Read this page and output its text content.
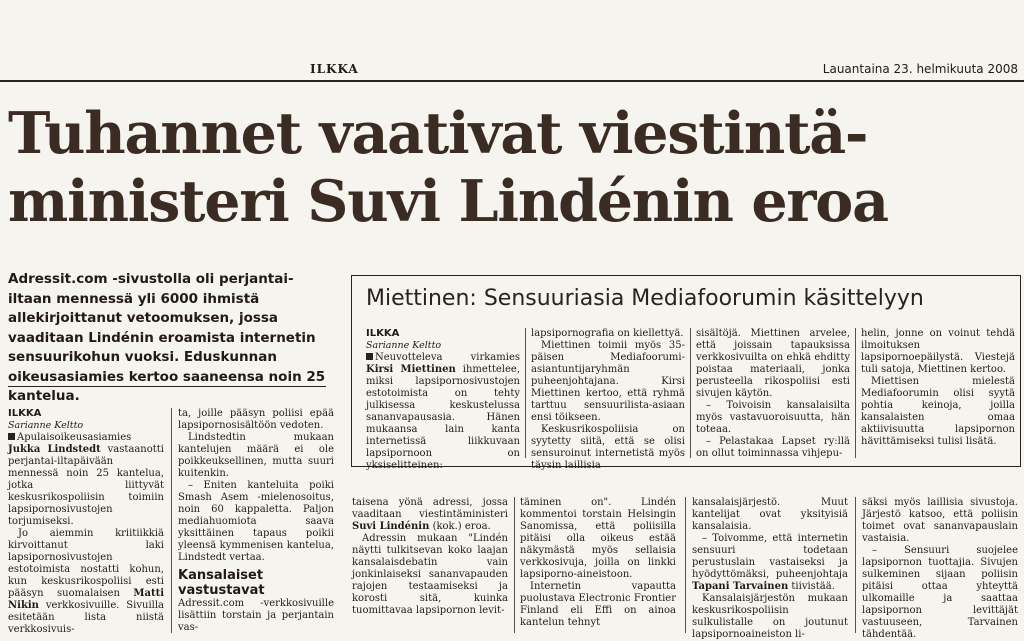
ILKKA	Lauantaina 23. helmikuuta 2008
Tuhannet vaativat viestintä-
ministeri Suvi Lindénin eroa
Adressit.com -sivustolla oli perjantai-iltaan mennessä yli 6000 ihmistä allekirjoittanut vetoomuksen, jossa vaaditaan Lindénin eroamista internetin sensuurikohun vuoksi. Eduskunnan oikeusasiamies kertoo saaneensa noin 25 kantelua.
ILKKA
Sarianne Keltto

Apulaisoikeusasiamies Jukka Lindstedt vastaanotti perjantai-iltapäivään mennessä noin 25 kantelua, jotka liittyvät keskusrikospoliisin toimiin lapsipornosivustojen torjumiseksi.

Jo aiemmin kriitiikkiä kirvoittanut laki lapsipornosivustojen estotoimista nostatti kohun, kun keskusrikospoliisi esti pääsyn suomalaisen Matti Nikin verkkosivuille. Sivuilla esitetään lista niistä verkkosivuis-

ta, joille pääsyn poliisi epää lapsipornosisältöön vedoten.

Lindstedtin mukaan kantelujen määrä ei ole poikkeuksellinen, mutta suuri kuitenkin.

– Eniten kanteluita poiki Smash Asem -mielenosoitus, noin 60 kappaletta. Paljon mediahuomiota saava yksittäinen tapaus poikii yleensä kymmenisen kantelua, Lindstedt vertaa.

Kansalaiset vastustavat

Adressit.com -verkkosivuille lisättiin torstain ja perjantain vas-

taisena yönä adressi, jossa vaaditaan viestintäministeri Suvi Lindénin (kok.) eroa.

Adressin mukaan "Lindén näytti tulkitsevan koko laajan kansalaisdebatin vain jonkinlaiseksi sananvapauden rajojen testaamiseksi ja korosti sitä, kuinka tuomittavaa lapsipornon levit-

täminen on". Lindén kommentoi torstain Helsingin Sanomissa, että poliisilla pitäisi olla oikeus estää näkymästä myös sellaisia verkkosivuja, joilla on linkki lapsiporno-aineistoon.

Internetin vapautta puolustava Electronic Frontier Finland eli Effi on ainoa kantelun tehnyt

kansalaisjärjestö. Muut kantelijat ovat yksityisiä kansalaisia.

– Toivomme, että internetin sensuuri todetaan perustuslain vastaiseksi ja hyödyttömäksi, puheenjohtaja Tapani Tarvainen tiivistää.

Kansalaisjärjestön mukaan keskusrikospoliisin sulkulistalle on joutunut lapsipornoaineiston li-

säksi myös laillisia sivustoja. Järjestö katsoo, että poliisin toimet ovat sananvapauslain vastaisia.

– Sensuuri suojelee lapsipornon tuottajia. Sivujen sulkeminen sijaan poliisin pitäisi ottaa yhteyttä ulkomaille ja saattaa lapsipornon levittäjät vastuuseen, Tarvainen tähdentää.

Miettinen: Sensuuriasia Mediafoorumin käsittelyyn
ILKKA
Sarianne Keltto

Neuvotteleva virkamies Kirsi Miettinen ihmettelee, miksi lapsipornosivustojen estotoimista on tehty julkisessa keskustelussa sananvapausasia. Hänen mukaansa lain kanta internetissä liikkuvaan lapsipornoon on yksiselitteinen:

lapsipornografia on kiellettyä.

Miettinen toimii myös 35-päisen Mediafoorumi-asiantuntijaryhmän puheenjohtajana. Kirsi Miettinen kertoo, että ryhmä tarttuu sensuurilista-asiaan ensi töikseen.

Keskusrikospoliisia on syytetty siitä, että se olisi sensuroinut internetistä myös täysin laillisia

sisältöjä. Miettinen arvelee, että joissain tapauksissa verkkosivuilta on ehkä ehditty poistaa materiaali, jonka perusteella rikospoliisi esti sivujen käytön.

– Toivoisin kansalaisilta myös vastavuoroisuutta, hän toteaa.

– Pelastakaa Lapset ry:llä on ollut toiminnassa vihjepu-

helin, jonne on voinut tehdä ilmoituksen lapsipornoepäilystä. Viestejä tuli satoja, Miettinen kertoo.

Miettisen mielestä Mediafoorumin olisi syytä pohtia keinoja, joilla kansalaisten omaa aktiivisuutta lapsipornon hävittämiseksi tulisi lisätä.
